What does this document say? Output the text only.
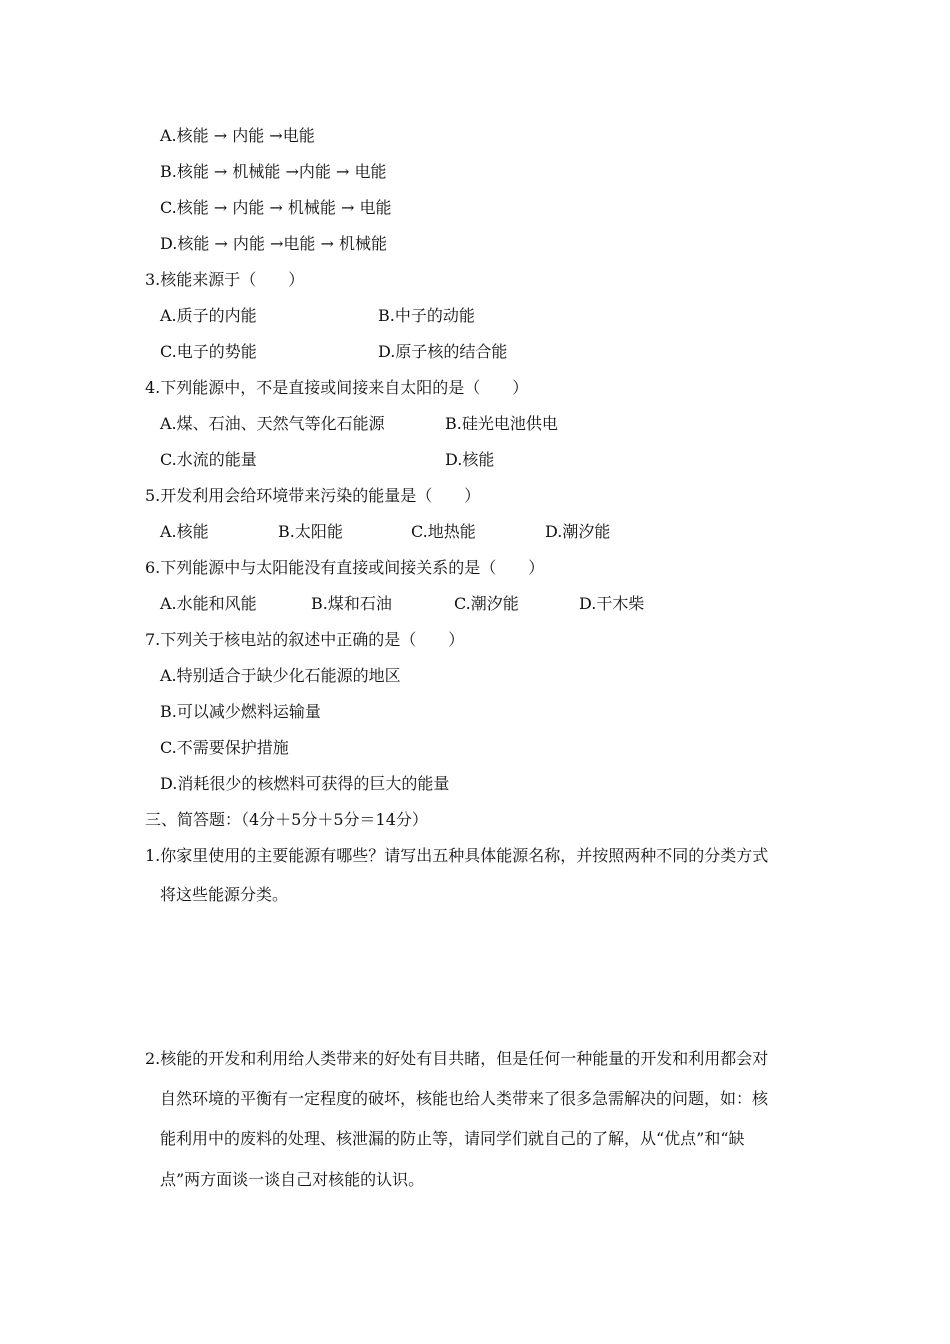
A.核能 → 内能 →电能
B.核能 → 机械能 →内能 → 电能
C.核能 → 内能 → 机械能 → 电能
D.核能 → 内能 →电能 → 机械能
3.核能来源于（　　）
A.质子的内能	B.中子的动能
C.电子的势能	D.原子核的结合能
4.下列能源中，不是直接或间接来自太阳的是（　　）
A.煤、石油、天然气等化石能源	B.硅光电池供电
C.水流的能量	D.核能
5.开发利用会给环境带来污染的能量是（　　）
A.核能	B.太阳能	C.地热能	D.潮汐能
6.下列能源中与太阳能没有直接或间接关系的是（　　）
A.水能和风能	B.煤和石油	C.潮汐能	D.干木柴
7.下列关于核电站的叙述中正确的是（　　）
A.特别适合于缺少化石能源的地区
B.可以减少燃料运输量
C.不需要保护措施
D.消耗很少的核燃料可获得的巨大的能量
三、简答题：（4分＋5分＋5分＝14分）
1.你家里使用的主要能源有哪些？请写出五种具体能源名称，并按照两种不同的分类方式
将这些能源分类。
2.核能的开发和利用给人类带来的好处有目共睹，但是任何一种能量的开发和利用都会对
自然环境的平衡有一定程度的破坏，核能也给人类带来了很多急需解决的问题，如：核
能利用中的废料的处理、核泄漏的防止等，请同学们就自己的了解，从“优点”和“缺
点”两方面谈一谈自己对核能的认识。
